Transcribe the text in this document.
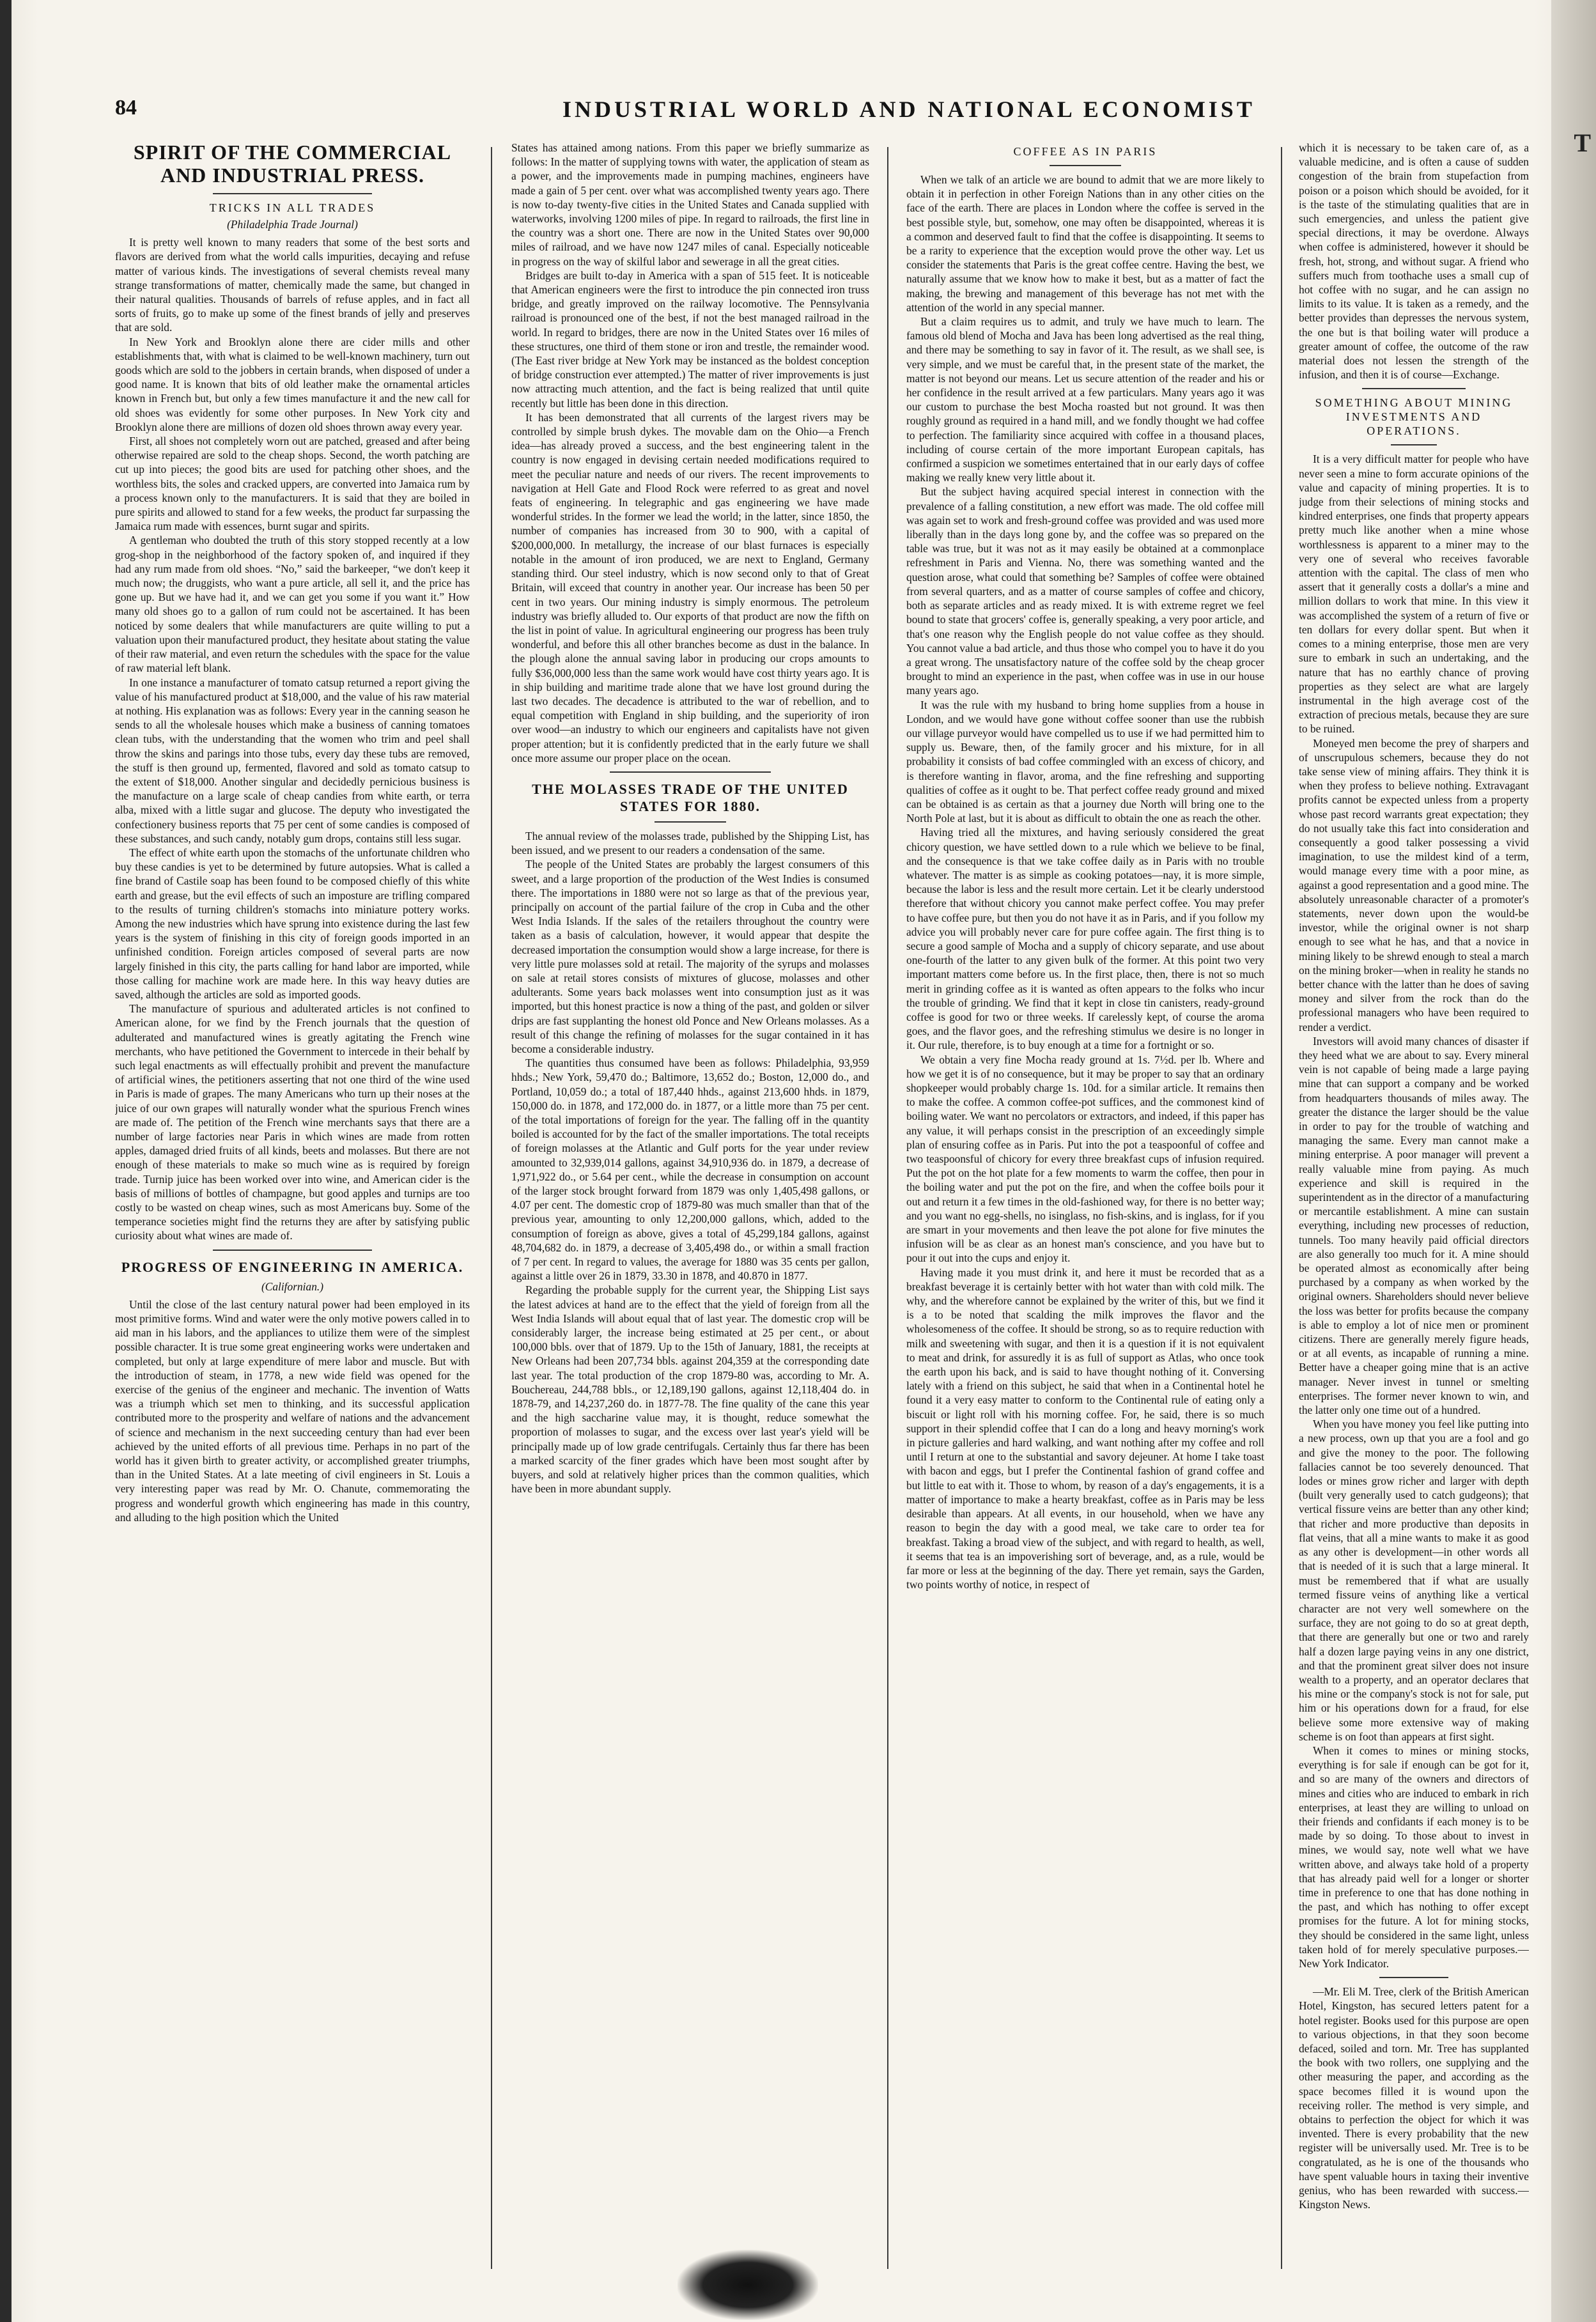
T
84	INDUSTRIAL WORLD AND NATIONAL ECONOMIST
SPIRIT OF THE COMMERCIAL AND INDUSTRIAL PRESS.
TRICKS IN ALL TRADES
(Philadelphia Trade Journal)

It is pretty well known to many readers that some of the best sorts and flavors are derived from what the world calls impurities, decaying and refuse matter of various kinds. The investigations of several chemists reveal many strange transformations of matter, chemically made the same, but changed in their natural qualities. Thousands of barrels of refuse apples, and in fact all sorts of fruits, go to make up some of the finest brands of jelly and preserves that are sold.

In New York and Brooklyn alone there are cider mills and other establishments that, with what is claimed to be well-known machinery, turn out goods which are sold to the jobbers in certain brands, when disposed of under a good name. It is known that bits of old leather make the ornamental articles known in French but, but only a few times manufacture it and the new call for old shoes was evidently for some other purposes. In New York city and Brooklyn alone there are millions of dozen old shoes thrown away every year.

First, all shoes not completely worn out are patched, greased and after being otherwise repaired are sold to the cheap shops. Second, the worth patching are cut up into pieces; the good bits are used for patching other shoes, and the worthless bits, the soles and cracked uppers, are converted into Jamaica rum by a process known only to the manufacturers. It is said that they are boiled in pure spirits and allowed to stand for a few weeks, the product far surpassing the Jamaica rum made with essences, burnt sugar and spirits.

A gentleman who doubted the truth of this story stopped recently at a low grog-shop in the neighborhood of the factory spoken of, and inquired if they had any rum made from old shoes. “No,” said the barkeeper, “we don't keep it much now; the druggists, who want a pure article, all sell it, and the price has gone up. But we have had it, and we can get you some if you want it.” How many old shoes go to a gallon of rum could not be ascertained. It has been noticed by some dealers that while manufacturers are quite willing to put a valuation upon their manufactured product, they hesitate about stating the value of their raw material, and even return the schedules with the space for the value of raw material left blank.

In one instance a manufacturer of tomato catsup returned a report giving the value of his manufactured product at $18,000, and the value of his raw material at nothing. His explanation was as follows: Every year in the canning season he sends to all the wholesale houses which make a business of canning tomatoes clean tubs, with the understanding that the women who trim and peel shall throw the skins and parings into those tubs, every day these tubs are removed, the stuff is then ground up, fermented, flavored and sold as tomato catsup to the extent of $18,000. Another singular and decidedly pernicious business is the manufacture on a large scale of cheap candies from white earth, or terra alba, mixed with a little sugar and glucose. The deputy who investigated the confectionery business reports that 75 per cent of some candies is composed of these substances, and such candy, notably gum drops, contains still less sugar.

The effect of white earth upon the stomachs of the unfortunate children who buy these candies is yet to be determined by future autopsies. What is called a fine brand of Castile soap has been found to be composed chiefly of this white earth and grease, but the evil effects of such an imposture are trifling compared to the results of turning children's stomachs into miniature pottery works. Among the new industries which have sprung into existence during the last few years is the system of finishing in this city of foreign goods imported in an unfinished condition. Foreign articles composed of several parts are now largely finished in this city, the parts calling for hand labor are imported, while those calling for machine work are made here. In this way heavy duties are saved, although the articles are sold as imported goods.

The manufacture of spurious and adulterated articles is not confined to American alone, for we find by the French journals that the question of adulterated and manufactured wines is greatly agitating the French wine merchants, who have petitioned the Government to intercede in their behalf by such legal enactments as will effectually prohibit and prevent the manufacture of artificial wines, the petitioners asserting that not one third of the wine used in Paris is made of grapes. The many Americans who turn up their noses at the juice of our own grapes will naturally wonder what the spurious French wines are made of. The petition of the French wine merchants says that there are a number of large factories near Paris in which wines are made from rotten apples, damaged dried fruits of all kinds, beets and molasses. But there are not enough of these materials to make so much wine as is required by foreign trade. Turnip juice has been worked over into wine, and American cider is the basis of millions of bottles of champagne, but good apples and turnips are too costly to be wasted on cheap wines, such as most Americans buy. Some of the temperance societies might find the returns they are after by satisfying public curiosity about what wines are made of.

PROGRESS OF ENGINEERING IN AMERICA.
(Californian.)

Until the close of the last century natural power had been employed in its most primitive forms. Wind and water were the only motive powers called in to aid man in his labors, and the appliances to utilize them were of the simplest possible character. It is true some great engineering works were undertaken and completed, but only at large expenditure of mere labor and muscle. But with the introduction of steam, in 1778, a new wide field was opened for the exercise of the genius of the engineer and mechanic. The invention of Watts was a triumph which set men to thinking, and its successful application contributed more to the prosperity and welfare of nations and the advancement of science and mechanism in the next succeeding century than had ever been achieved by the united efforts of all previous time. Perhaps in no part of the world has it given birth to greater activity, or accomplished greater triumphs, than in the United States. At a late meeting of civil engineers in St. Louis a very interesting paper was read by Mr. O. Chanute, commemorating the progress and wonderful growth which engineering has made in this country, and alluding to the high position which the United

States has attained among nations. From this paper we briefly summarize as follows: In the matter of supplying towns with water, the application of steam as a power, and the improvements made in pumping machines, engineers have made a gain of 5 per cent. over what was accomplished twenty years ago. There is now to-day twenty-five cities in the United States and Canada supplied with waterworks, involving 1200 miles of pipe. In regard to railroads, the first line in the country was a short one. There are now in the United States over 90,000 miles of railroad, and we have now 1247 miles of canal. Especially noticeable in progress on the way of skilful labor and sewerage in all the great cities.

Bridges are built to-day in America with a span of 515 feet. It is noticeable that American engineers were the first to introduce the pin connected iron truss bridge, and greatly improved on the railway locomotive. The Pennsylvania railroad is pronounced one of the best, if not the best managed railroad in the world. In regard to bridges, there are now in the United States over 16 miles of these structures, one third of them stone or iron and trestle, the remainder wood. (The East river bridge at New York may be instanced as the boldest conception of bridge construction ever attempted.) The matter of river improvements is just now attracting much attention, and the fact is being realized that until quite recently but little has been done in this direction.

It has been demonstrated that all currents of the largest rivers may be controlled by simple brush dykes. The movable dam on the Ohio—a French idea—has already proved a success, and the best engineering talent in the country is now engaged in devising certain needed modifications required to meet the peculiar nature and needs of our rivers. The recent improvements to navigation at Hell Gate and Flood Rock were referred to as great and novel feats of engineering. In telegraphic and gas engineering we have made wonderful strides. In the former we lead the world; in the latter, since 1850, the number of companies has increased from 30 to 900, with a capital of $200,000,000. In metallurgy, the increase of our blast furnaces is especially notable in the amount of iron produced, we are next to England, Germany standing third. Our steel industry, which is now second only to that of Great Britain, will exceed that country in another year. Our increase has been 50 per cent in two years. Our mining industry is simply enormous. The petroleum industry was briefly alluded to. Our exports of that product are now the fifth on the list in point of value. In agricultural engineering our progress has been truly wonderful, and before this all other branches become as dust in the balance. In the plough alone the annual saving labor in producing our crops amounts to fully $36,000,000 less than the same work would have cost thirty years ago. It is in ship building and maritime trade alone that we have lost ground during the last two decades. The decadence is attributed to the war of rebellion, and to equal competition with England in ship building, and the superiority of iron over wood—an industry to which our engineers and capitalists have not given proper attention; but it is confidently predicted that in the early future we shall once more assume our proper place on the ocean.

THE MOLASSES TRADE OF THE UNITED STATES FOR 1880.

The annual review of the molasses trade, published by the Shipping List, has been issued, and we present to our readers a condensation of the same.

The people of the United States are probably the largest consumers of this sweet, and a large proportion of the production of the West Indies is consumed there. The importations in 1880 were not so large as that of the previous year, principally on account of the partial failure of the crop in Cuba and the other West India Islands. If the sales of the retailers throughout the country were taken as a basis of calculation, however, it would appear that despite the decreased importation the consumption would show a large increase, for there is very little pure molasses sold at retail. The majority of the syrups and molasses on sale at retail stores consists of mixtures of glucose, molasses and other adulterants. Some years back molasses went into consumption just as it was imported, but this honest practice is now a thing of the past, and golden or silver drips are fast supplanting the honest old Ponce and New Orleans molasses. As a result of this change the refining of molasses for the sugar contained in it has become a considerable industry.

The quantities thus consumed have been as follows: Philadelphia, 93,959 hhds.; New York, 59,470 do.; Baltimore, 13,652 do.; Boston, 12,000 do., and Portland, 10,059 do.; a total of 187,440 hhds., against 213,600 hhds. in 1879, 150,000 do. in 1878, and 172,000 do. in 1877, or a little more than 75 per cent. of the total importations of foreign for the year. The falling off in the quantity boiled is accounted for by the fact of the smaller importations. The total receipts of foreign molasses at the Atlantic and Gulf ports for the year under review amounted to 32,939,014 gallons, against 34,910,936 do. in 1879, a decrease of 1,971,922 do., or 5.64 per cent., while the decrease in consumption on account of the larger stock brought forward from 1879 was only 1,405,498 gallons, or 4.07 per cent. The domestic crop of 1879-80 was much smaller than that of the previous year, amounting to only 12,200,000 gallons, which, added to the consumption of foreign as above, gives a total of 45,299,184 gallons, against 48,704,682 do. in 1879, a decrease of 3,405,498 do., or within a small fraction of 7 per cent. In regard to values, the average for 1880 was 35 cents per gallon, against a little over 26 in 1879, 33.30 in 1878, and 40.870 in 1877.

Regarding the probable supply for the current year, the Shipping List says the latest advices at hand are to the effect that the yield of foreign from all the West India Islands will about equal that of last year. The domestic crop will be considerably larger, the increase being estimated at 25 per cent., or about 100,000 bbls. over that of 1879. Up to the 15th of January, 1881, the receipts at New Orleans had been 207,734 bbls. against 204,359 at the corresponding date last year. The total production of the crop 1879-80 was, according to Mr. A. Bouchereau, 244,788 bbls., or 12,189,190 gallons, against 12,118,404 do. in 1878-79, and 14,237,260 do. in 1877-78. The fine quality of the cane this year and the high saccharine value may, it is thought, reduce somewhat the proportion of molasses to sugar, and the excess over last year's yield will be principally made up of low grade centrifugals. Certainly thus far there has been a marked scarcity of the finer grades which have been most sought after by buyers, and sold at relatively higher prices than the common qualities, which have been in more abundant supply.

COFFEE AS IN PARIS

When we talk of an article we are bound to admit that we are more likely to obtain it in perfection in other Foreign Nations than in any other cities on the face of the earth. There are places in London where the coffee is served in the best possible style, but, somehow, one may often be disappointed, whereas it is a common and deserved fault to find that the coffee is disappointing. It seems to be a rarity to experience that the exception would prove the other way. Let us consider the statements that Paris is the great coffee centre. Having the best, we naturally assume that we know how to make it best, but as a matter of fact the making, the brewing and management of this beverage has not met with the attention of the world in any special manner.

But a claim requires us to admit, and truly we have much to learn. The famous old blend of Mocha and Java has been long advertised as the real thing, and there may be something to say in favor of it. The result, as we shall see, is very simple, and we must be careful that, in the present state of the market, the matter is not beyond our means. Let us secure attention of the reader and his or her confidence in the result arrived at a few particulars. Many years ago it was our custom to purchase the best Mocha roasted but not ground. It was then roughly ground as required in a hand mill, and we fondly thought we had coffee to perfection. The familiarity since acquired with coffee in a thousand places, including of course certain of the more important European capitals, has confirmed a suspicion we sometimes entertained that in our early days of coffee making we really knew very little about it.

But the subject having acquired special interest in connection with the prevalence of a falling constitution, a new effort was made. The old coffee mill was again set to work and fresh-ground coffee was provided and was used more liberally than in the days long gone by, and the coffee was so prepared on the table was true, but it was not as it may easily be obtained at a commonplace refreshment in Paris and Vienna. No, there was something wanted and the question arose, what could that something be? Samples of coffee were obtained from several quarters, and as a matter of course samples of coffee and chicory, both as separate articles and as ready mixed. It is with extreme regret we feel bound to state that grocers' coffee is, generally speaking, a very poor article, and that's one reason why the English people do not value coffee as they should. You cannot value a bad article, and thus those who compel you to have it do you a great wrong. The unsatisfactory nature of the coffee sold by the cheap grocer brought to mind an experience in the past, when coffee was in use in our house many years ago.

It was the rule with my husband to bring home supplies from a house in London, and we would have gone without coffee sooner than use the rubbish our village purveyor would have compelled us to use if we had permitted him to supply us. Beware, then, of the family grocer and his mixture, for in all probability it consists of bad coffee commingled with an excess of chicory, and is therefore wanting in flavor, aroma, and the fine refreshing and supporting qualities of coffee as it ought to be. That perfect coffee ready ground and mixed can be obtained is as certain as that a journey due North will bring one to the North Pole at last, but it is about as difficult to obtain the one as reach the other.

Having tried all the mixtures, and having seriously considered the great chicory question, we have settled down to a rule which we believe to be final, and the consequence is that we take coffee daily as in Paris with no trouble whatever. The matter is as simple as cooking potatoes—nay, it is more simple, because the labor is less and the result more certain. Let it be clearly understood therefore that without chicory you cannot make perfect coffee. You may prefer to have coffee pure, but then you do not have it as in Paris, and if you follow my advice you will probably never care for pure coffee again. The first thing is to secure a good sample of Mocha and a supply of chicory separate, and use about one-fourth of the latter to any given bulk of the former. At this point two very important matters come before us. In the first place, then, there is not so much merit in grinding coffee as it is wanted as often appears to the folks who incur the trouble of grinding. We find that it kept in close tin canisters, ready-ground coffee is good for two or three weeks. If carelessly kept, of course the aroma goes, and the flavor goes, and the refreshing stimulus we desire is no longer in it. Our rule, therefore, is to buy enough at a time for a fortnight or so.

We obtain a very fine Mocha ready ground at 1s. 7½d. per lb. Where and how we get it is of no consequence, but it may be proper to say that an ordinary shopkeeper would probably charge 1s. 10d. for a similar article. It remains then to make the coffee. A common coffee-pot suffices, and the commonest kind of boiling water. We want no percolators or extractors, and indeed, if this paper has any value, it will perhaps consist in the prescription of an exceedingly simple plan of ensuring coffee as in Paris. Put into the pot a teaspoonful of coffee and two teaspoonsful of chicory for every three breakfast cups of infusion required. Put the pot on the hot plate for a few moments to warm the coffee, then pour in the boiling water and put the pot on the fire, and when the coffee boils pour it out and return it a few times in the old-fashioned way, for there is no better way; and you want no egg-shells, no isinglass, no fish-skins, and is inglass, for if you are smart in your movements and then leave the pot alone for five minutes the infusion will be as clear as an honest man's conscience, and you have but to pour it out into the cups and enjoy it.

Having made it you must drink it, and here it must be recorded that as a breakfast beverage it is certainly better with hot water than with cold milk. The why, and the wherefore cannot be explained by the writer of this, but we find it is a to be noted that scalding the milk improves the flavor and the wholesomeness of the coffee. It should be strong, so as to require reduction with milk and sweetening with sugar, and then it is a question if it is not equivalent to meat and drink, for assuredly it is as full of support as Atlas, who once took the earth upon his back, and is said to have thought nothing of it. Conversing lately with a friend on this subject, he said that when in a Continental hotel he found it a very easy matter to conform to the Continental rule of eating only a biscuit or light roll with his morning coffee. For, he said, there is so much support in their splendid coffee that I can do a long and heavy morning's work in picture galleries and hard walking, and want nothing after my coffee and roll until I return at one to the substantial and savory dejeuner. At home I take toast with bacon and eggs, but I prefer the Continental fashion of grand coffee and but little to eat with it. Those to whom, by reason of a day's engagements, it is a matter of importance to make a hearty breakfast, coffee as in Paris may be less desirable than appears. At all events, in our household, when we have any reason to begin the day with a good meal, we take care to order tea for breakfast. Taking a broad view of the subject, and with regard to health, as well, it seems that tea is an impoverishing sort of beverage, and, as a rule, would be far more or less at the beginning of the day. There yet remain, says the Garden, two points worthy of notice, in respect of

which it is necessary to be taken care of, as a valuable medicine, and is often a cause of sudden congestion of the brain from stupefaction from poison or a poison which should be avoided, for it is the taste of the stimulating qualities that are in such emergencies, and unless the patient give special directions, it may be overdone. Always when coffee is administered, however it should be fresh, hot, strong, and without sugar. A friend who suffers much from toothache uses a small cup of hot coffee with no sugar, and he can assign no limits to its value. It is taken as a remedy, and the better provides than depresses the nervous system, the one but is that boiling water will produce a greater amount of coffee, the outcome of the raw material does not lessen the strength of the infusion, and then it is of course—Exchange.

SOMETHING ABOUT MINING INVESTMENTS AND OPERATIONS.

It is a very difficult matter for people who have never seen a mine to form accurate opinions of the value and capacity of mining properties. It is to judge from their selections of mining stocks and kindred enterprises, one finds that property appears pretty much like another when a mine whose worthlessness is apparent to a miner may to the very one of several who receives favorable attention with the capital. The class of men who assert that it generally costs a dollar's a mine and million dollars to work that mine. In this view it was accomplished the system of a return of five or ten dollars for every dollar spent. But when it comes to a mining enterprise, those men are very sure to embark in such an undertaking, and the nature that has no earthly chance of proving properties as they select are what are largely instrumental in the high average cost of the extraction of precious metals, because they are sure to be ruined.

Moneyed men become the prey of sharpers and of unscrupulous schemers, because they do not take sense view of mining affairs. They think it is when they profess to believe nothing. Extravagant profits cannot be expected unless from a property whose past record warrants great expectation; they do not usually take this fact into consideration and consequently a good talker possessing a vivid imagination, to use the mildest kind of a term, would manage every time with a poor mine, as against a good representation and a good mine. The absolutely unreasonable character of a promoter's statements, never down upon the would-be investor, while the original owner is not sharp enough to see what he has, and that a novice in mining likely to be shrewd enough to steal a march on the mining broker—when in reality he stands no better chance with the latter than he does of saving money and silver from the rock than do the professional managers who have been required to render a verdict.

Investors will avoid many chances of disaster if they heed what we are about to say. Every mineral vein is not capable of being made a large paying mine that can support a company and be worked from headquarters thousands of miles away. The greater the distance the larger should be the value in order to pay for the trouble of watching and managing the same. Every man cannot make a mining enterprise. A poor manager will prevent a really valuable mine from paying. As much experience and skill is required in the superintendent as in the director of a manufacturing or mercantile establishment. A mine can sustain everything, including new processes of reduction, tunnels. Too many heavily paid official directors are also generally too much for it. A mine should be operated almost as economically after being purchased by a company as when worked by the original owners. Shareholders should never believe the loss was better for profits because the company is able to employ a lot of nice men or prominent citizens. There are generally merely figure heads, or at all events, as incapable of running a mine. Better have a cheaper going mine that is an active manager. Never invest in tunnel or smelting enterprises. The former never known to win, and the latter only one time out of a hundred.

When you have money you feel like putting into a new process, own up that you are a fool and go and give the money to the poor. The following fallacies cannot be too severely denounced. That lodes or mines grow richer and larger with depth (built very generally used to catch gudgeons); that vertical fissure veins are better than any other kind; that richer and more productive than deposits in flat veins, that all a mine wants to make it as good as any other is development—in other words all that is needed of it is such that a large mineral. It must be remembered that if what are usually termed fissure veins of anything like a vertical character are not very well somewhere on the surface, they are not going to do so at great depth, that there are generally but one or two and rarely half a dozen large paying veins in any one district, and that the prominent great silver does not insure wealth to a property, and an operator declares that his mine or the company's stock is not for sale, put him or his operations down for a fraud, for else believe some more extensive way of making scheme is on foot than appears at first sight.

When it comes to mines or mining stocks, everything is for sale if enough can be got for it, and so are many of the owners and directors of mines and cities who are induced to embark in rich enterprises, at least they are willing to unload on their friends and confidants if each money is to be made by so doing. To those about to invest in mines, we would say, note well what we have written above, and always take hold of a property that has already paid well for a longer or shorter time in preference to one that has done nothing in the past, and which has nothing to offer except promises for the future. A lot for mining stocks, they should be considered in the same light, unless taken hold of for merely speculative purposes.—New York Indicator.

—Mr. Eli M. Tree, clerk of the British American Hotel, Kingston, has secured letters patent for a hotel register. Books used for this purpose are open to various objections, in that they soon become defaced, soiled and torn. Mr. Tree has supplanted the book with two rollers, one supplying and the other measuring the paper, and according as the space becomes filled it is wound upon the receiving roller. The method is very simple, and obtains to perfection the object for which it was invented. There is every probability that the new register will be universally used. Mr. Tree is to be congratulated, as he is one of the thousands who have spent valuable hours in taxing their inventive genius, who has been rewarded with success.—Kingston News.
